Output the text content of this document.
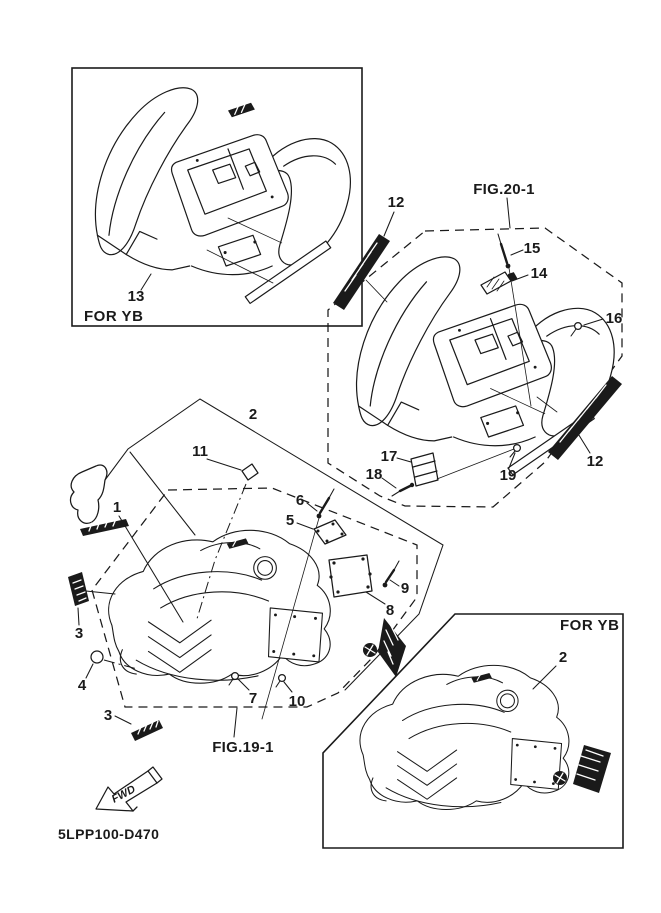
13
FOR YB
FIG.20-1
12
15
14
16
17
18	19
12
2
11
1	6
5
9
8
7 10
4
3
3
FIG.19-1
2
FOR YB
FWD
5LPP100-D470
